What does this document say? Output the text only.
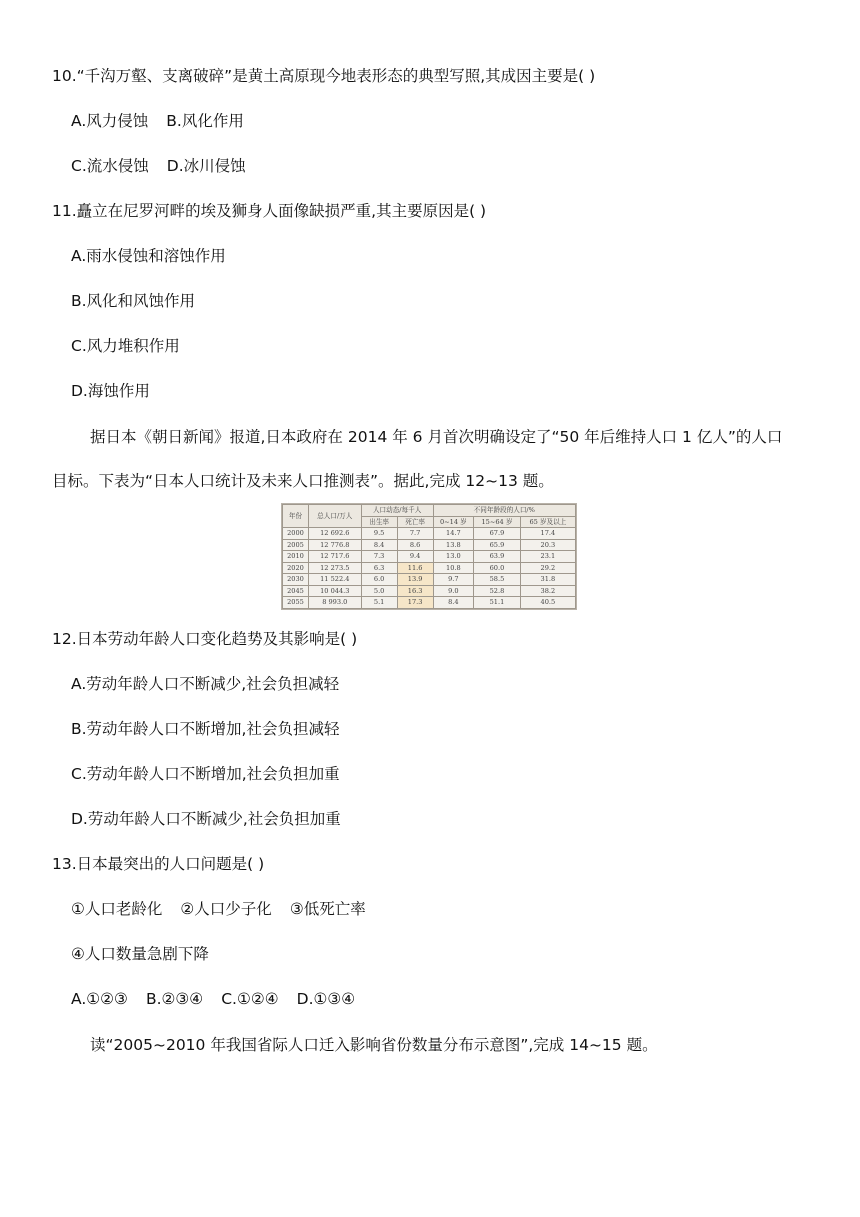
10.“千沟万壑、支离破碎”是黄土高原现今地表形态的典型写照,其成因主要是( )
A.风力侵蚀 B.风化作用
C.流水侵蚀 D.冰川侵蚀
11.矗立在尼罗河畔的埃及狮身人面像缺损严重,其主要原因是( )
A.雨水侵蚀和溶蚀作用
B.风化和风蚀作用
C.风力堆积作用
D.海蚀作用
据日本《朝日新闻》报道,日本政府在 2014 年 6 月首次明确设定了“50 年后维持人口 1 亿人”的人口
目标。下表为“日本人口统计及未来人口推测表”。据此,完成 12~13 题。
年份	总人口/万人	人口动态/每千人		不同年龄段的人口/%		
		出生率	死亡率	0~14 岁	15~64 岁	65 岁及以上
2000	12 692.6	9.5	7.7	14.7	67.9	17.4
2005	12 776.8	8.4	8.6	13.8	65.9	20.3
2010	12 717.6	7.3	9.4	13.0	63.9	23.1
2020	12 273.5	6.3	11.6	10.8	60.0	29.2
2030	11 522.4	6.0	13.9	9.7	58.5	31.8
2045	10 044.3	5.0	16.3	9.0	52.8	38.2
2055	8 993.0	5.1	17.3	8.4	51.1	40.5
12.日本劳动年龄人口变化趋势及其影响是( )
A.劳动年龄人口不断减少,社会负担减轻
B.劳动年龄人口不断增加,社会负担减轻
C.劳动年龄人口不断增加,社会负担加重
D.劳动年龄人口不断减少,社会负担加重
13.日本最突出的人口问题是( )
①人口老龄化 ②人口少子化 ③低死亡率
④人口数量急剧下降
A.①②③ B.②③④ C.①②④ D.①③④
读“2005~2010 年我国省际人口迁入影响省份数量分布示意图”,完成 14~15 题。
